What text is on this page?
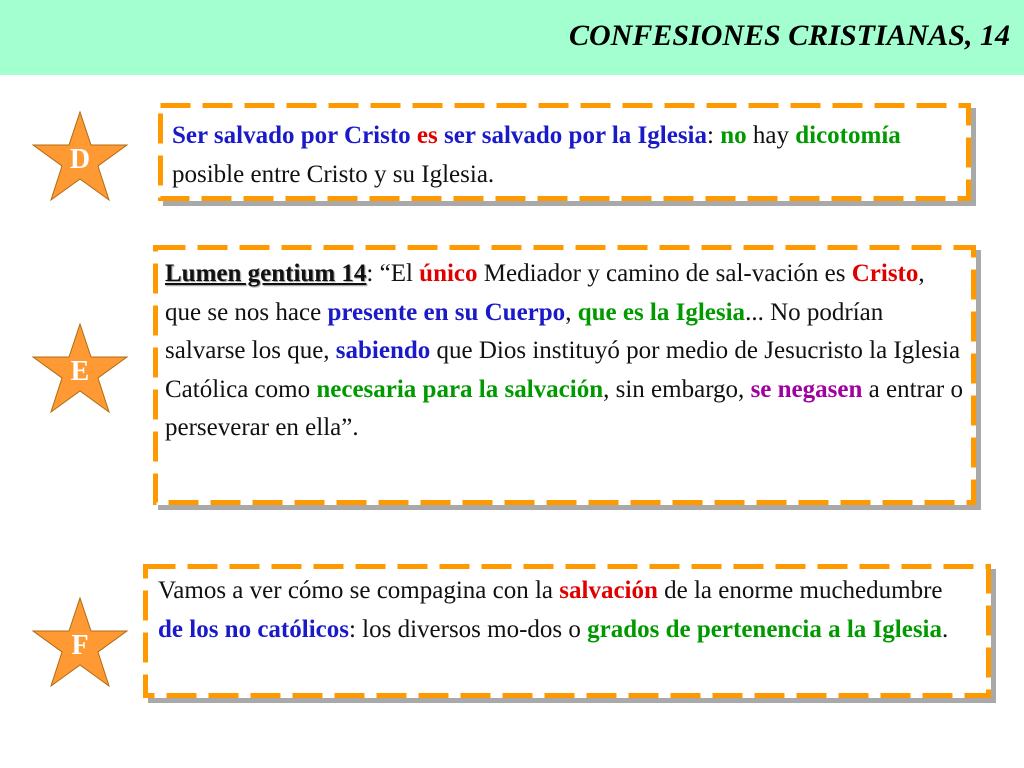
CONFESIONES CRISTIANAS, 14
D
Ser salvado por Cristo es ser salvado por la Iglesia: no hay dicotomía posible entre Cristo y su Iglesia.
E
Lumen gentium 14: “El único Mediador y camino de sal-vación es Cristo, que se nos hace presente en su Cuerpo, que es la Iglesia... No podrían salvarse los que, sabiendo que Dios instituyó por medio de Jesucristo la Iglesia Católica como necesaria para la salvación, sin embargo, se negasen a entrar o perseverar en ella”.
F
Vamos a ver cómo se compagina con la salvación de la enorme muchedumbre de los no católicos: los diversos mo-dos o grados de pertenencia a la Iglesia.
